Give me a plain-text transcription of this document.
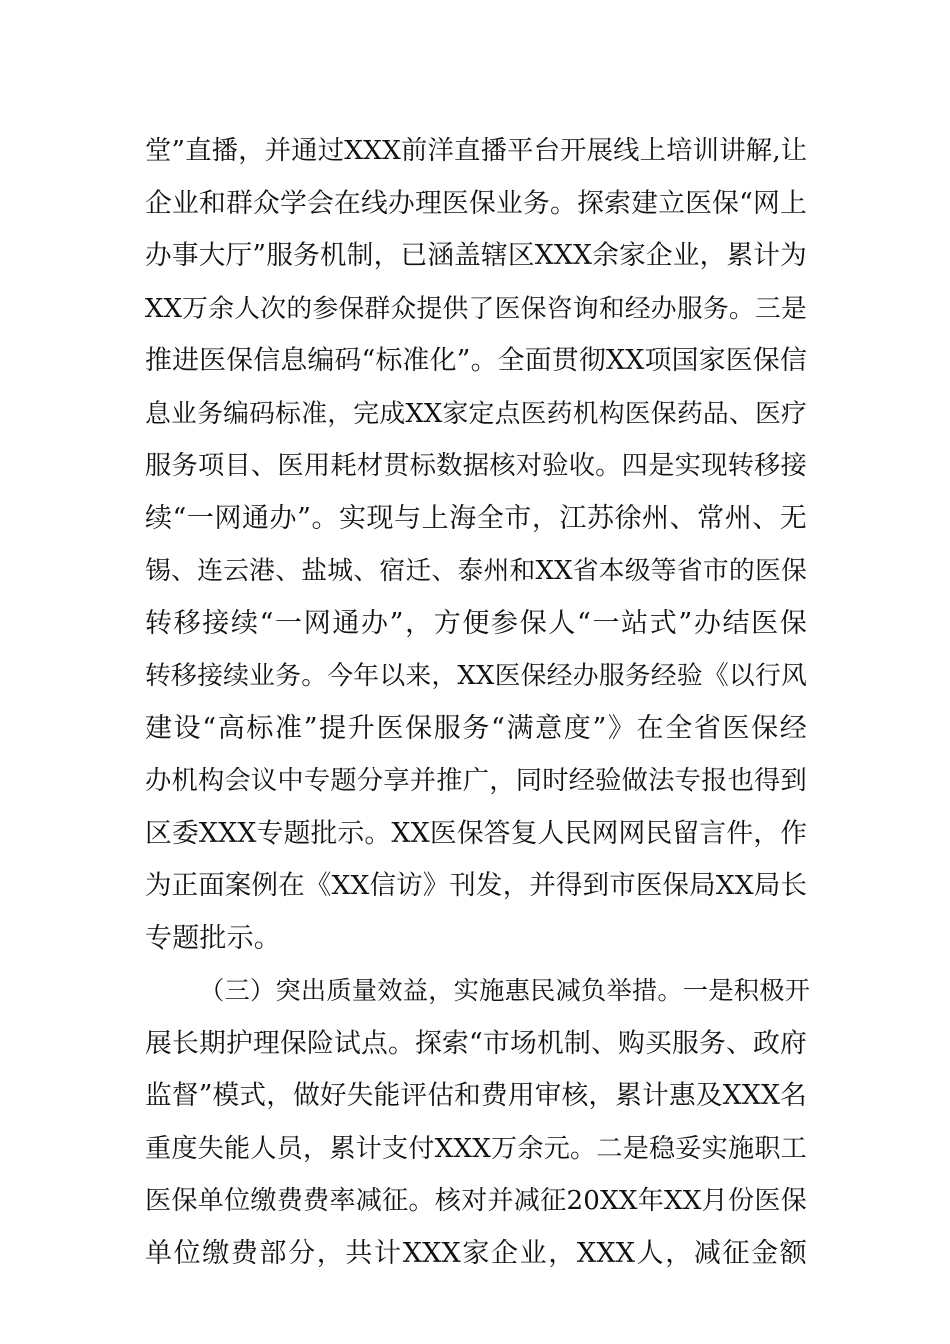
堂”直播，并通过XXX前洋直播平台开展线上培训讲解,让
企业和群众学会在线办理医保业务。探索建立医保“网上
办事大厅”服务机制，已涵盖辖区XXX余家企业，累计为
XX万余人次的参保群众提供了医保咨询和经办服务。三是
推进医保信息编码“标准化”。全面贯彻XX项国家医保信
息业务编码标准，完成XX家定点医药机构医保药品、医疗
服务项目、医用耗材贯标数据核对验收。四是实现转移接
续“一网通办”。实现与上海全市，江苏徐州、常州、无
锡、连云港、盐城、宿迁、泰州和XX省本级等省市的医保
转移接续“一网通办”，方便参保人“一站式”办结医保
转移接续业务。今年以来，XX医保经办服务经验《以行风
建设“高标准”提升医保服务“满意度”》在全省医保经
办机构会议中专题分享并推广，同时经验做法专报也得到
区委XXX专题批示。XX医保答复人民网网民留言件，作
为正面案例在《XX信访》刊发，并得到市医保局XX局长
专题批示。
（三）突出质量效益，实施惠民减负举措。一是积极开
展长期护理保险试点。探索“市场机制、购买服务、政府
监督”模式，做好失能评估和费用审核，累计惠及XXX名
重度失能人员，累计支付XXX万余元。二是稳妥实施职工
医保单位缴费费率减征。核对并减征20XX年XX月份医保
单位缴费部分，共计XXX家企业，XXX人，减征金额
